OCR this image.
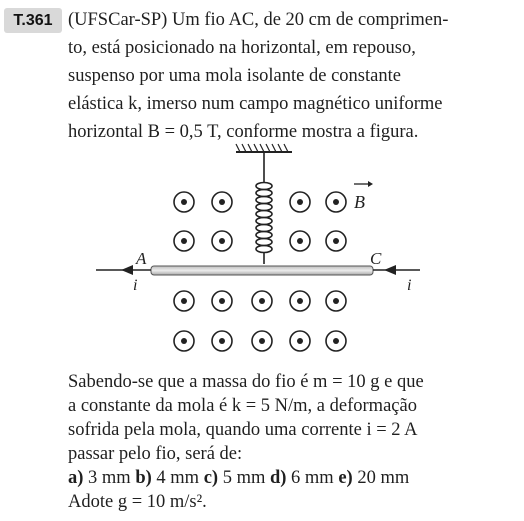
T.361 (UFSCar-SP) Um fio AC, de 20 cm de comprimen-
to, está posicionado na horizontal, em repouso,
suspenso por uma mola isolante de constante
elástica k, imerso num campo magnético uniforme
horizontal B = 0,5 T, conforme mostra a figura.
B
A	C
i	i
Sabendo-se que a massa do fio é m = 10 g e que
a constante da mola é k = 5 N/m, a deformação
sofrida pela mola, quando uma corrente i = 2 A
passar pelo fio, será de:
a) 3 mm b) 4 mm c) 5 mm d) 6 mm e) 20 mm
Adote g = 10 m/s².
